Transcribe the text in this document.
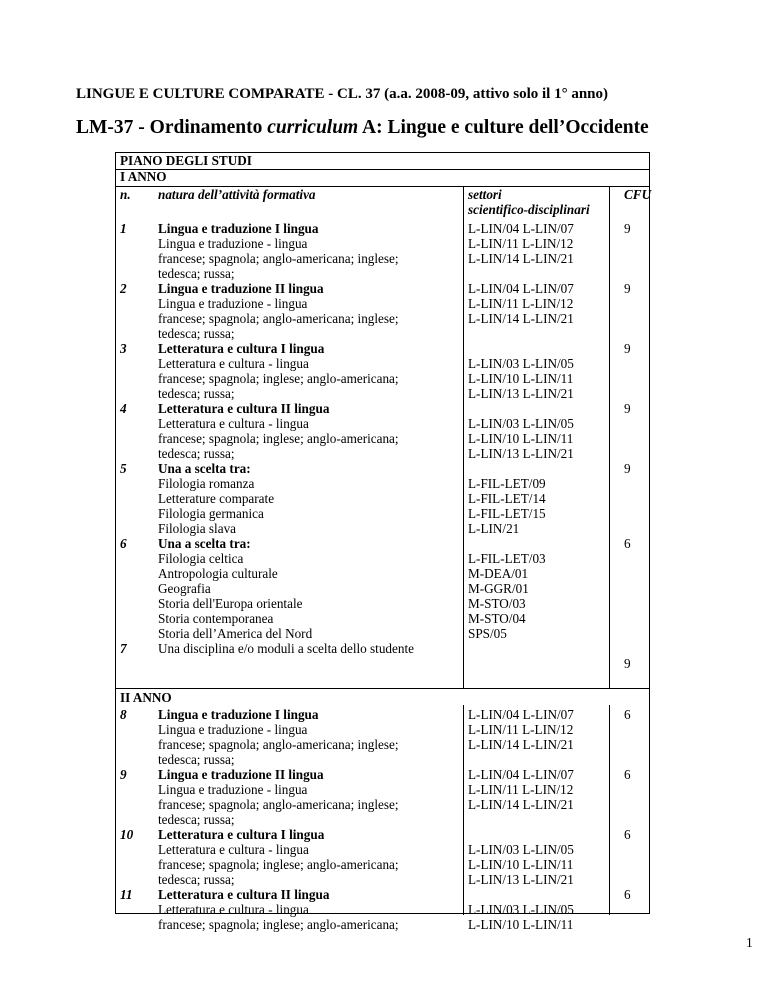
LINGUE E CULTURE COMPARATE - CL. 37 (a.a. 2008-09, attivo solo il 1° anno)
LM-37 - Ordinamento curriculum A: Lingue e culture dell’Occidente
PIANO DEGLI STUDI
I ANNO
n. natura dell’attività formativa	settori
scientifico-disciplinari
CFU
1 Lingua e traduzione I lingua
Lingua e traduzione - lingua
francese; spagnola; anglo-americana; inglese;
tedesca; russa;
L-LIN/04 L-LIN/07
L-LIN/11 L-LIN/12
L-LIN/14 L-LIN/21
9
2 Lingua e traduzione II lingua
Lingua e traduzione - lingua
francese; spagnola; anglo-americana; inglese;
tedesca; russa;
L-LIN/04 L-LIN/07
L-LIN/11 L-LIN/12
L-LIN/14 L-LIN/21
9
3 Letteratura e cultura I lingua
Letteratura e cultura - lingua
francese; spagnola; inglese; anglo-americana;
tedesca; russa;
L-LIN/03 L-LIN/05
L-LIN/10 L-LIN/11
L-LIN/13 L-LIN/21
9
4 Letteratura e cultura II lingua
Letteratura e cultura - lingua
francese; spagnola; inglese; anglo-americana;
tedesca; russa;
L-LIN/03 L-LIN/05
L-LIN/10 L-LIN/11
L-LIN/13 L-LIN/21
9
5 Una a scelta tra:
Filologia romanza
Letterature comparate
Filologia germanica
Filologia slava
L-FIL-LET/09
L-FIL-LET/14
L-FIL-LET/15
L-LIN/21
9
6 Una a scelta tra:
Filologia celtica
Antropologia culturale
Geografia
Storia dell'Europa orientale
Storia contemporanea
Storia dell’America del Nord
L-FIL-LET/03
M-DEA/01
M-GGR/01
M-STO/03
M-STO/04
SPS/05
6
7 Una disciplina e/o moduli a scelta dello studente
9
II ANNO
8 Lingua e traduzione I lingua
Lingua e traduzione - lingua
francese; spagnola; anglo-americana; inglese;
tedesca; russa;
L-LIN/04 L-LIN/07
L-LIN/11 L-LIN/12
L-LIN/14 L-LIN/21
6
9 Lingua e traduzione II lingua
Lingua e traduzione - lingua
francese; spagnola; anglo-americana; inglese;
tedesca; russa;
L-LIN/04 L-LIN/07
L-LIN/11 L-LIN/12
L-LIN/14 L-LIN/21
6
10 Letteratura e cultura I lingua
Letteratura e cultura - lingua
francese; spagnola; inglese; anglo-americana;
tedesca; russa;
L-LIN/03 L-LIN/05
L-LIN/10 L-LIN/11
L-LIN/13 L-LIN/21
6
11 Letteratura e cultura II lingua
Letteratura e cultura - lingua
francese; spagnola; inglese; anglo-americana;
L-LIN/03 L-LIN/05
L-LIN/10 L-LIN/11
6
1
